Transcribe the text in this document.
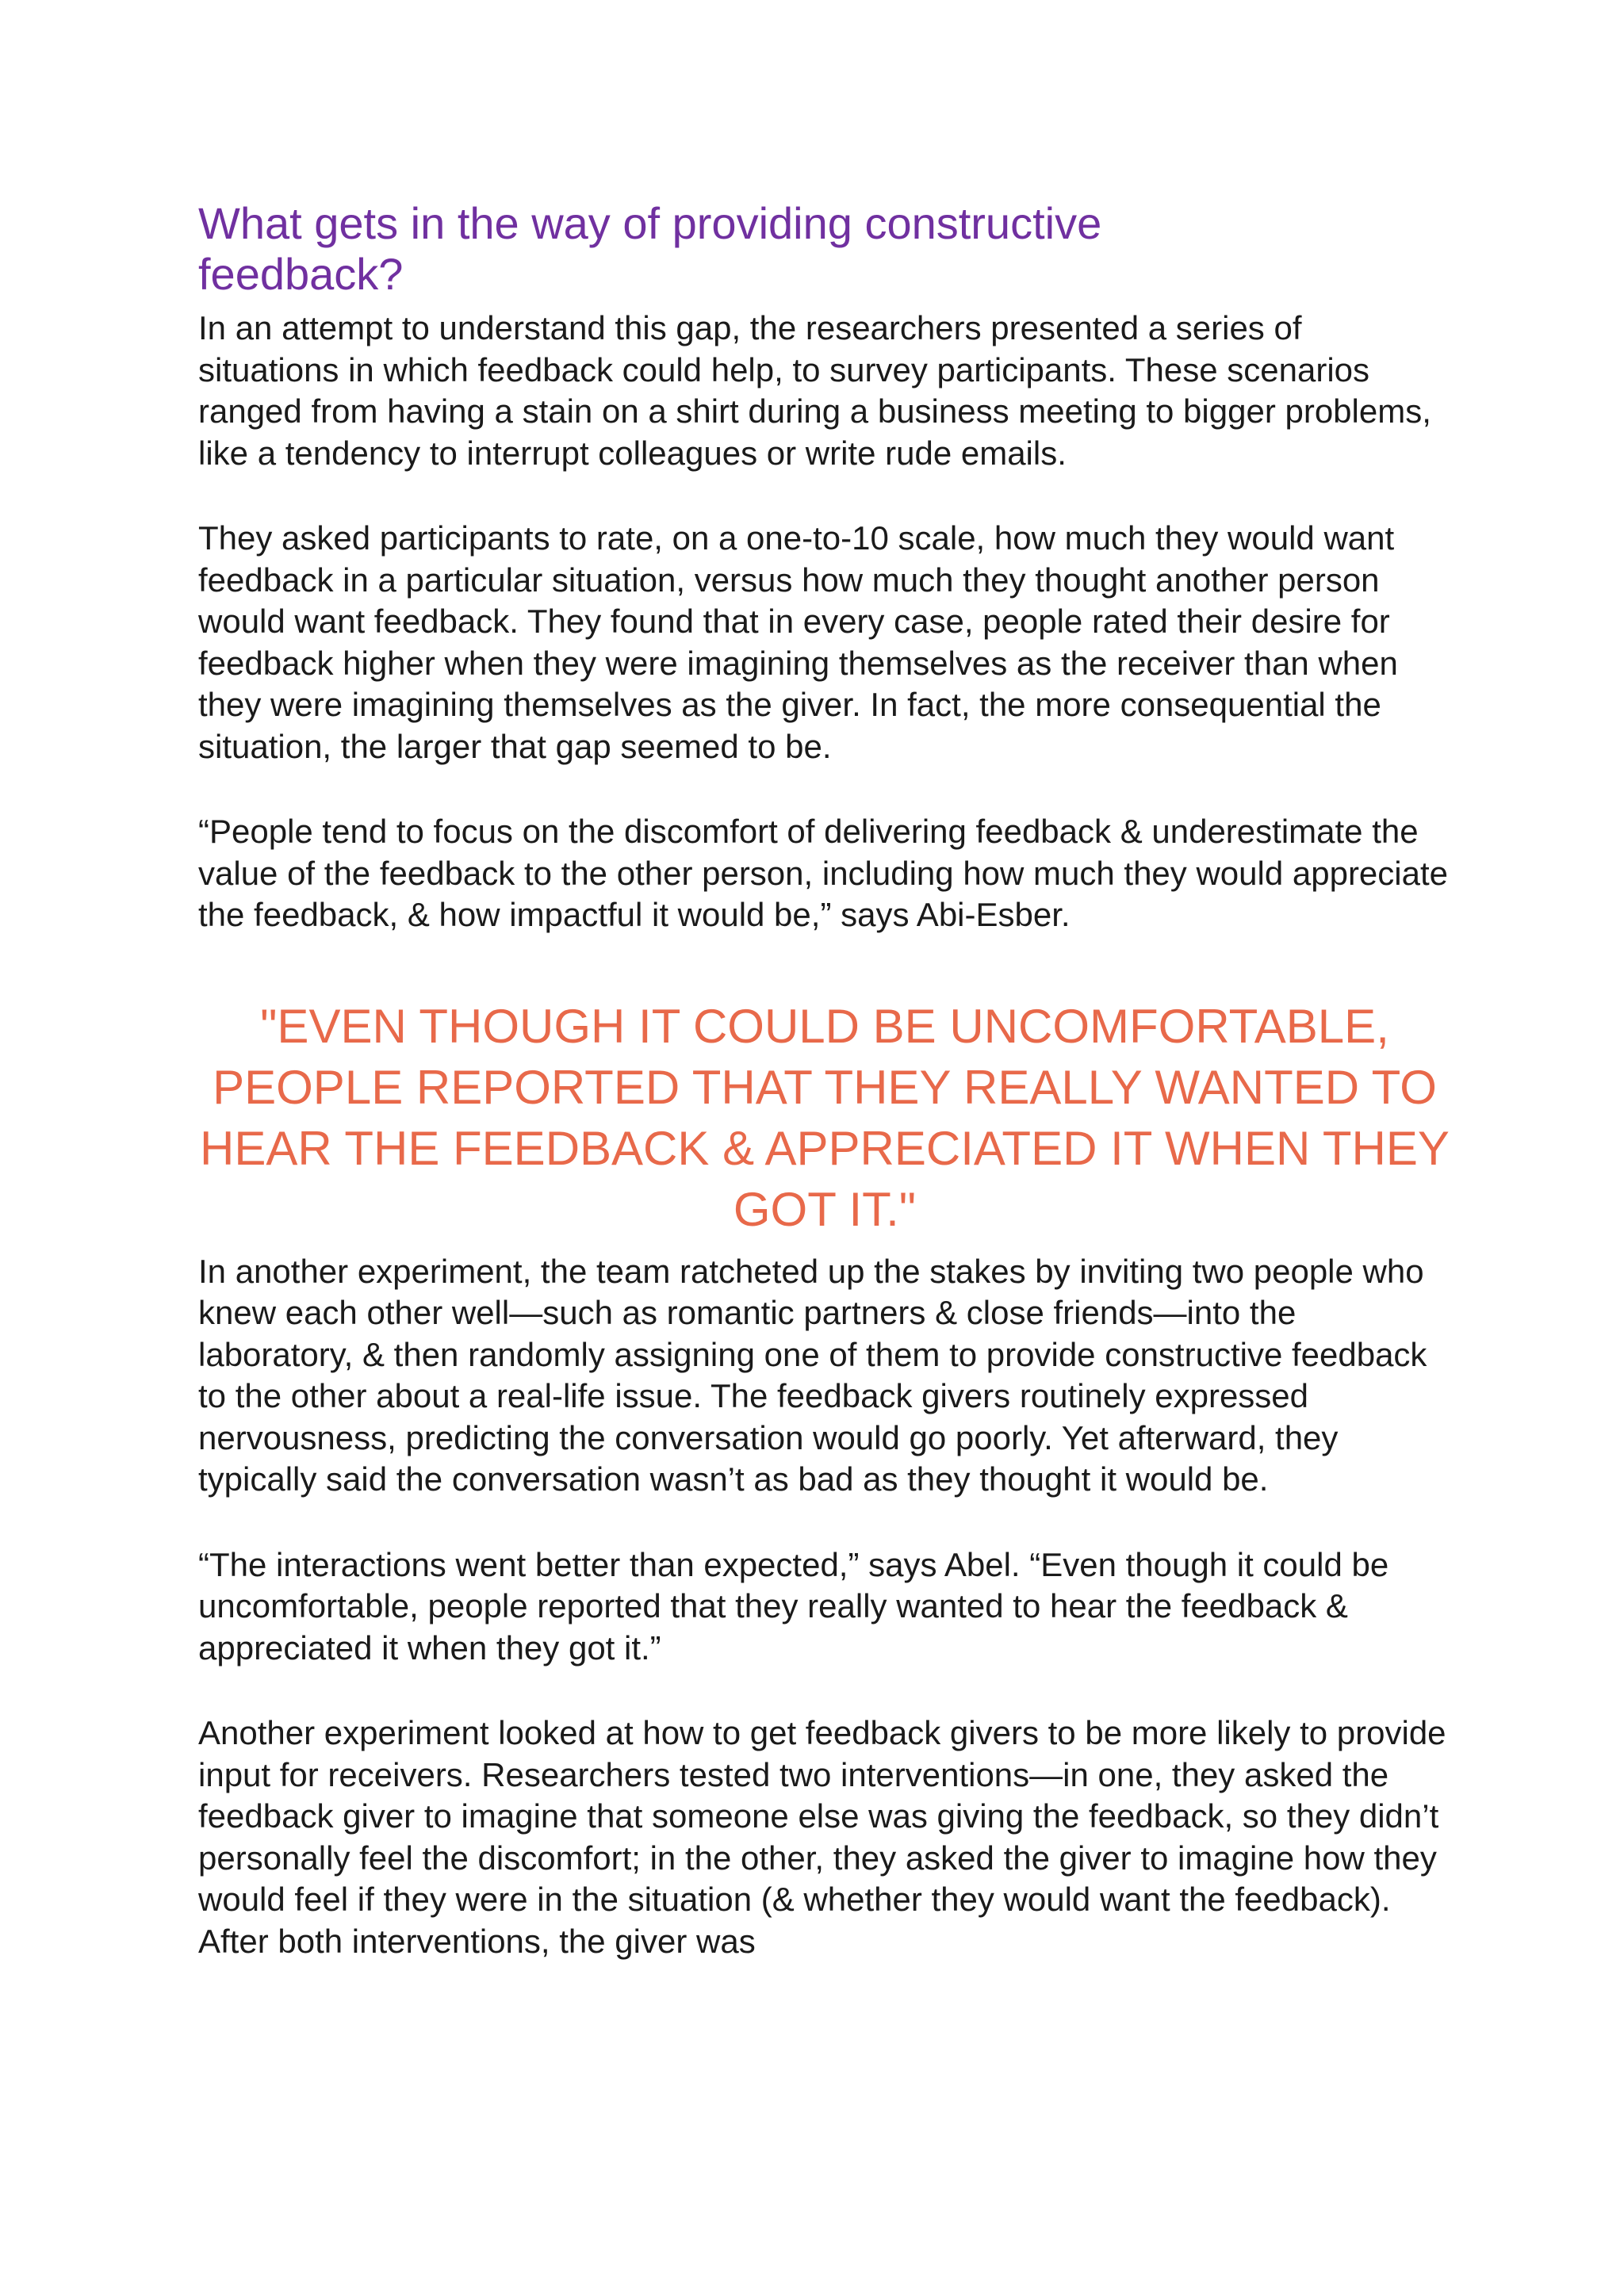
What gets in the way of providing constructive feedback?

In an attempt to understand this gap, the researchers presented a series of situations in which feedback could help, to survey participants. These scenarios ranged from having a stain on a shirt during a business meeting to bigger problems, like a tendency to interrupt colleagues or write rude emails.

They asked participants to rate, on a one-to-10 scale, how much they would want feedback in a particular situation, versus how much they thought another person would want feedback. They found that in every case, people rated their desire for feedback higher when they were imagining themselves as the receiver than when they were imagining themselves as the giver. In fact, the more consequential the situation, the larger that gap seemed to be.

“People tend to focus on the discomfort of delivering feedback & underestimate the value of the feedback to the other person, including how much they would appreciate the feedback, & how impactful it would be,” says Abi-Esber.

"EVEN THOUGH IT COULD BE UNCOMFORTABLE, PEOPLE REPORTED THAT THEY REALLY WANTED TO HEAR THE FEEDBACK & APPRECIATED IT WHEN THEY GOT IT."

In another experiment, the team ratcheted up the stakes by inviting two people who knew each other well—such as romantic partners & close friends—into the laboratory, & then randomly assigning one of them to provide constructive feedback to the other about a real-life issue. The feedback givers routinely expressed nervousness, predicting the conversation would go poorly. Yet afterward, they typically said the conversation wasn’t as bad as they thought it would be.

“The interactions went better than expected,” says Abel. “Even though it could be uncomfortable, people reported that they really wanted to hear the feedback & appreciated it when they got it.”

Another experiment looked at how to get feedback givers to be more likely to provide input for receivers. Researchers tested two interventions—in one, they asked the feedback giver to imagine that someone else was giving the feedback, so they didn’t personally feel the discomfort; in the other, they asked the giver to imagine how they would feel if they were in the situation (& whether they would want the feedback). After both interventions, the giver was
